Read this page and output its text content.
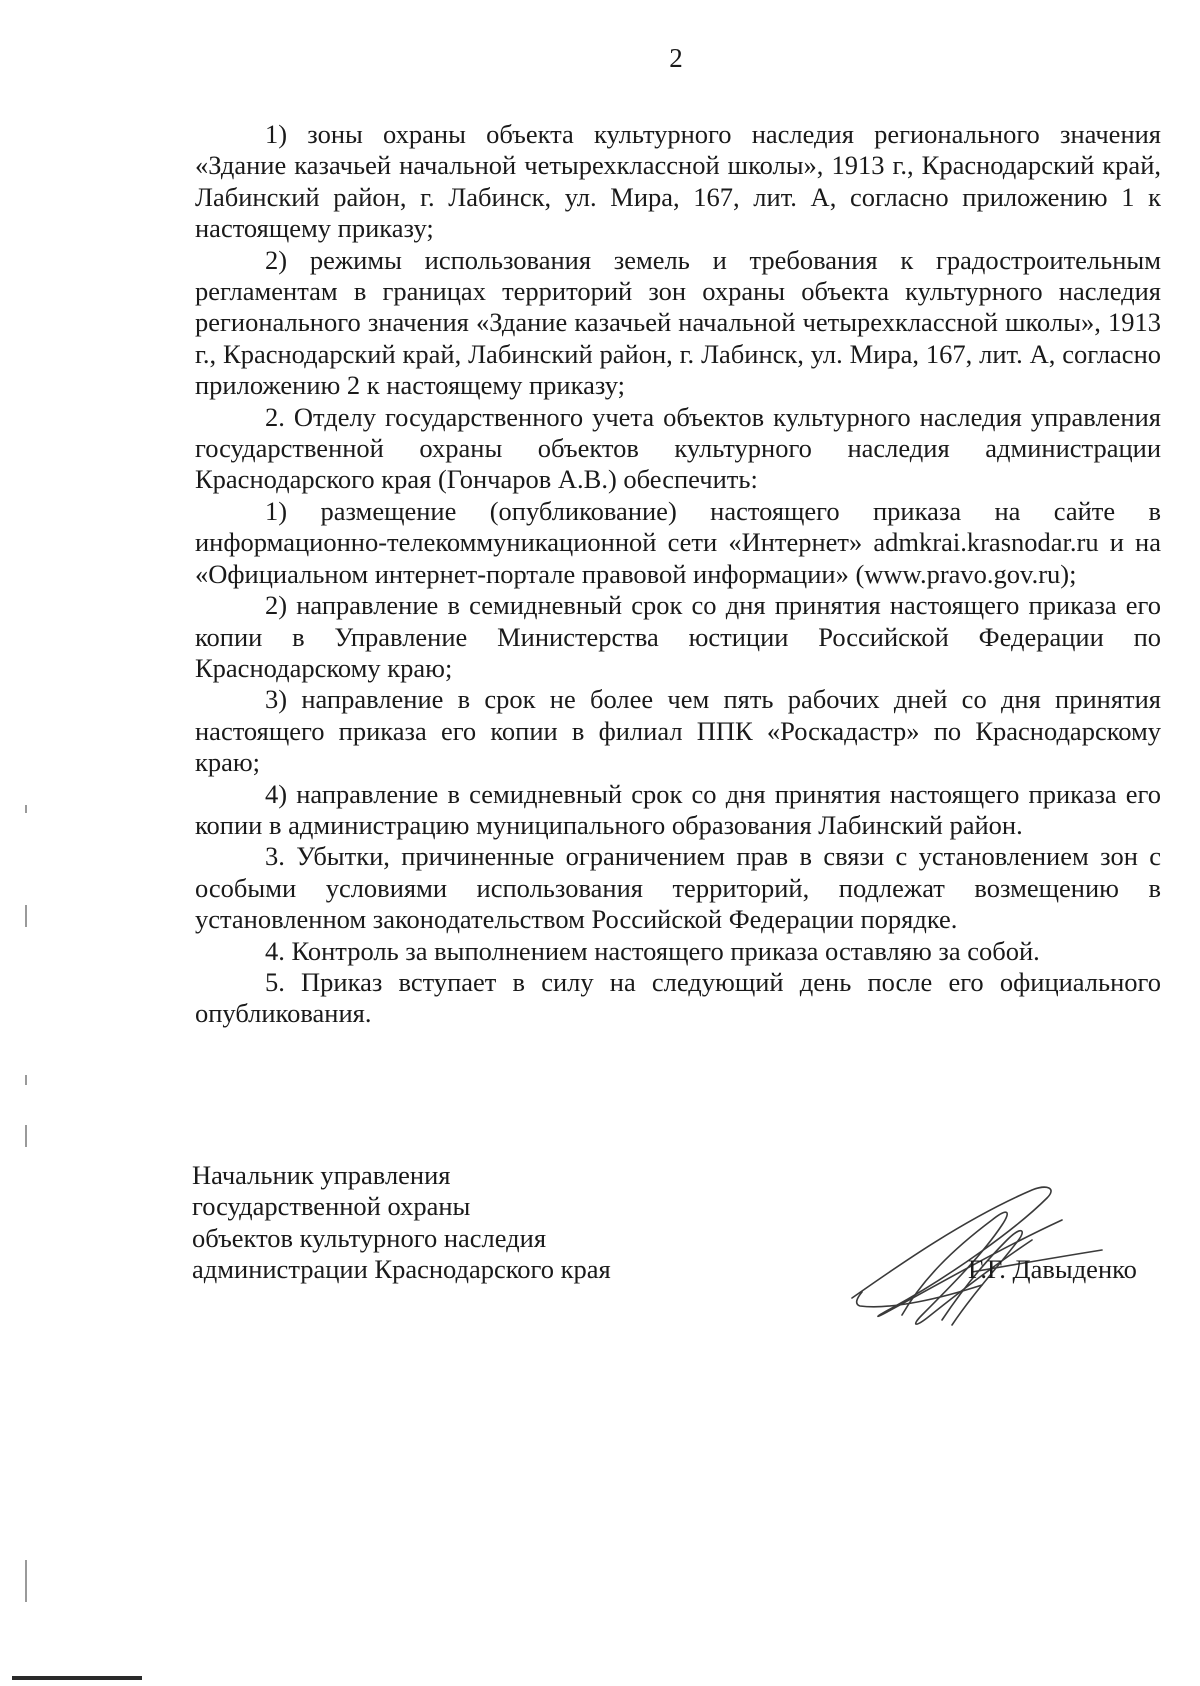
2

1) зоны охраны объекта культурного наследия регионального значения «Здание казачьей начальной четырехклассной школы», 1913 г., Краснодарский край, Лабинский район, г. Лабинск, ул. Мира, 167, лит. А, согласно приложению 1 к настоящему приказу;

2) режимы использования земель и требования к градостроительным регламентам в границах территорий зон охраны объекта культурного наследия регионального значения «Здание казачьей начальной четырехклассной школы», 1913 г., Краснодарский край, Лабинский район, г. Лабинск, ул. Мира, 167, лит. А, согласно приложению 2 к настоящему приказу;

2. Отделу государственного учета объектов культурного наследия управления государственной охраны объектов культурного наследия администрации Краснодарского края (Гончаров А.В.) обеспечить:

1) размещение (опубликование) настоящего приказа на сайте в информационно-телекоммуникационной сети «Интернет» admkrai.krasnodar.ru и на «Официальном интернет-портале правовой информации» (www.pravo.gov.ru);

2) направление в семидневный срок со дня принятия настоящего приказа его копии в Управление Министерства юстиции Российской Федерации по Краснодарскому краю;

3) направление в срок не более чем пять рабочих дней со дня принятия настоящего приказа его копии в филиал ППК «Роскадастр» по Краснодарскому краю;

4) направление в семидневный срок со дня принятия настоящего приказа его копии в администрацию муниципального образования Лабинский район.

3. Убытки, причиненные ограничением прав в связи с установлением зон с особыми условиями использования территорий, подлежат возмещению в установленном законодательством Российской Федерации порядке.

4. Контроль за выполнением настоящего приказа оставляю за собой.

5. Приказ вступает в силу на следующий день после его официального опубликования.

Начальник управления
государственной охраны
объектов культурного наследия
администрации Краснодарского края	Г.Г. Давыденко
